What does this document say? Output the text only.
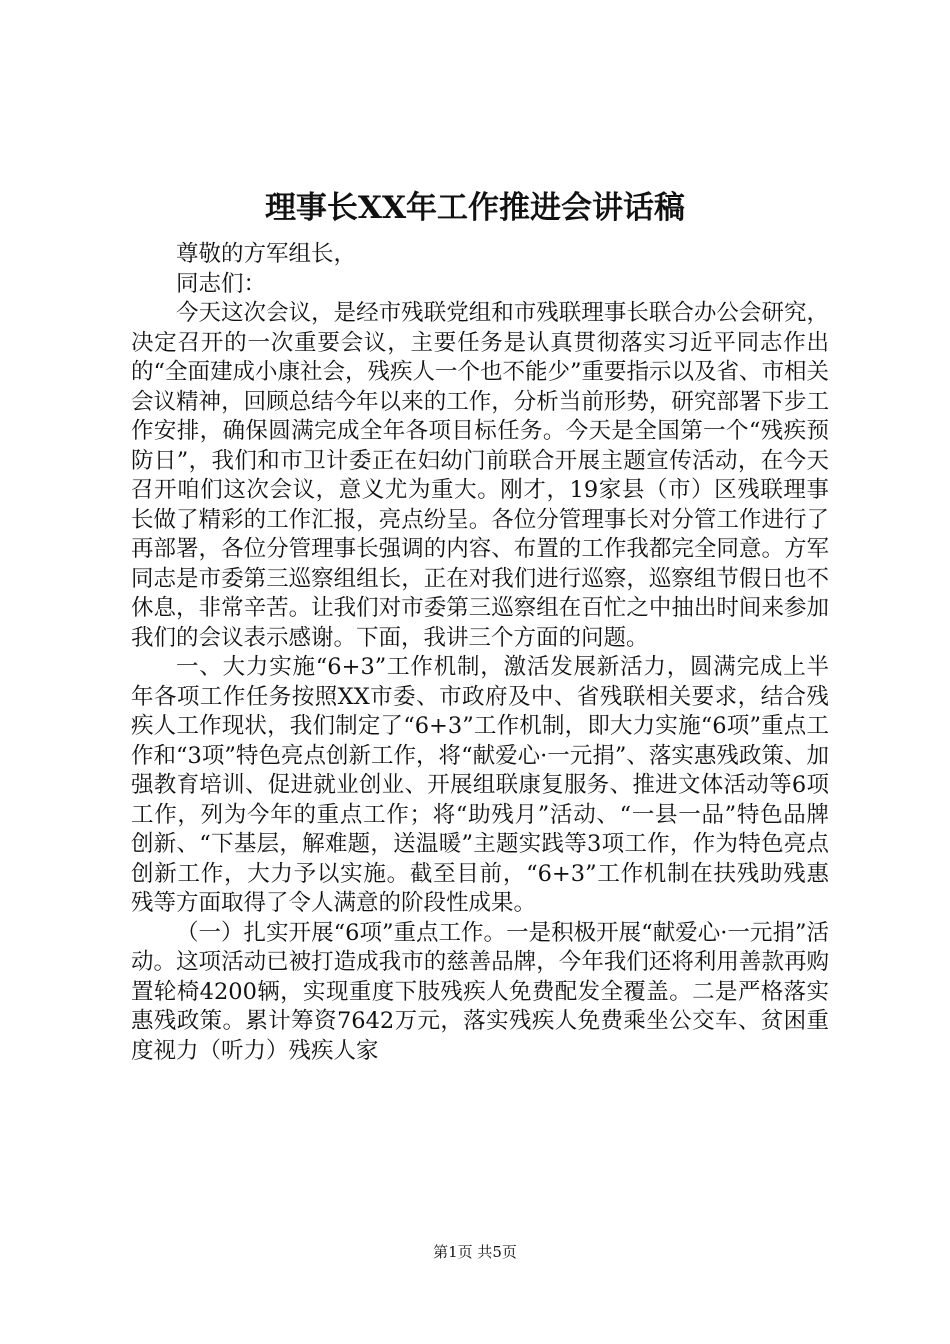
理事长XX年工作推进会讲话稿

尊敬的方军组长，

同志们：

今天这次会议，是经市残联党组和市残联理事长联合办公会研究，决定召开的一次重要会议，主要任务是认真贯彻落实习近平同志作出的“全面建成小康社会，残疾人一个也不能少”重要指示以及省、市相关会议精神，回顾总结今年以来的工作，分析当前形势，研究部署下步工作安排，确保圆满完成全年各项目标任务。今天是全国第一个“残疾预防日”，我们和市卫计委正在妇幼门前联合开展主题宣传活动，在今天召开咱们这次会议，意义尤为重大。刚才，19家县（市）区残联理事长做了精彩的工作汇报，亮点纷呈。各位分管理事长对分管工作进行了再部署，各位分管理事长强调的内容、布置的工作我都完全同意。方军同志是市委第三巡察组组长，正在对我们进行巡察，巡察组节假日也不休息，非常辛苦。让我们对市委第三巡察组在百忙之中抽出时间来参加我们的会议表示感谢。下面，我讲三个方面的问题。

一、大力实施“6+3”工作机制，激活发展新活力，圆满完成上半年各项工作任务按照XX市委、市政府及中、省残联相关要求，结合残疾人工作现状，我们制定了“6+3”工作机制，即大力实施“6项”重点工作和“3项”特色亮点创新工作，将“献爱心·一元捐”、落实惠残政策、加强教育培训、促进就业创业、开展组联康复服务、推进文体活动等6项工作，列为今年的重点工作；将“助残月”活动、“一县一品”特色品牌创新、“下基层，解难题，送温暖”主题实践等3项工作，作为特色亮点创新工作，大力予以实施。截至目前，“6+3”工作机制在扶残助残惠残等方面取得了令人满意的阶段性成果。

（一）扎实开展“6项”重点工作。一是积极开展“献爱心·一元捐”活动。这项活动已被打造成我市的慈善品牌，今年我们还将利用善款再购置轮椅4200辆，实现重度下肢残疾人免费配发全覆盖。二是严格落实惠残政策。累计筹资7642万元，落实残疾人免费乘坐公交车、贫困重度视力（听力）残疾人家

第1页 共5页
